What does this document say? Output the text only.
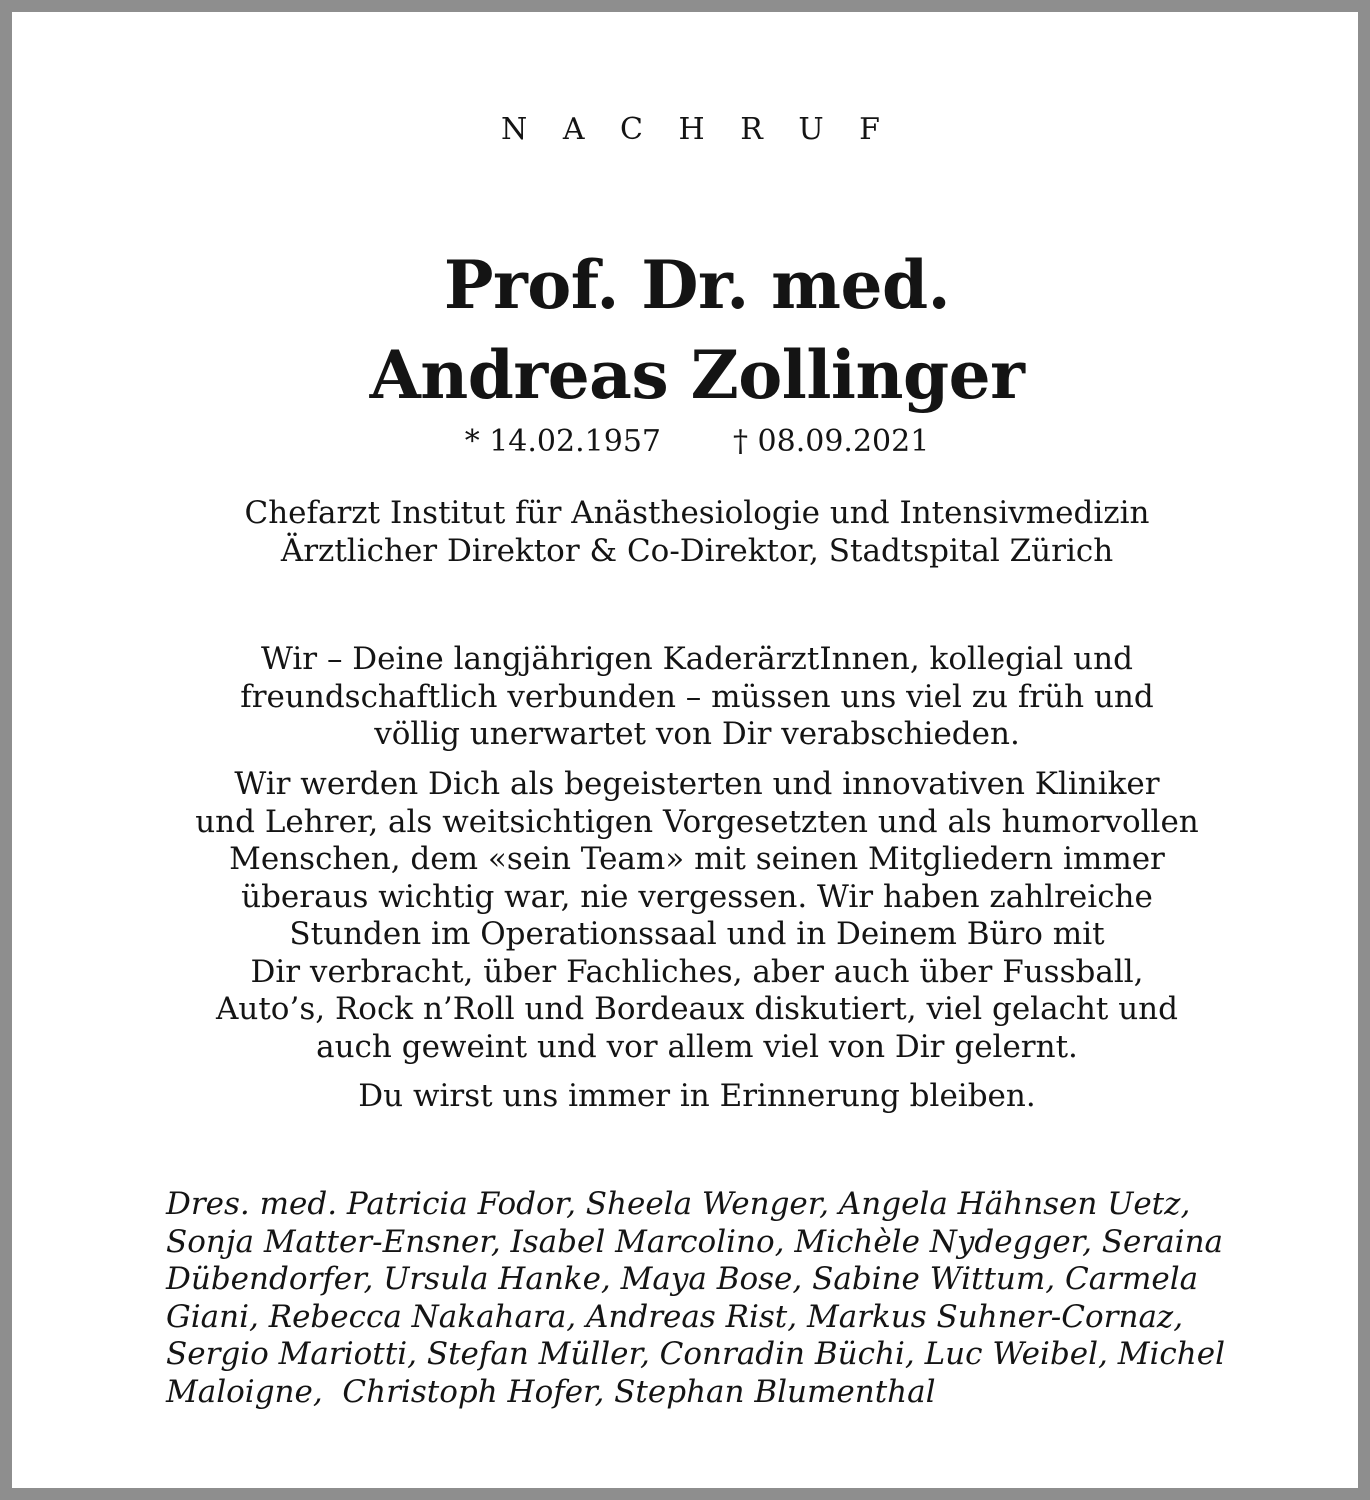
N A C H R U F
Prof. Dr. med.
Andreas Zollinger
* 14.02.1957 † 08.09.2021
Chefarzt Institut für Anästhesiologie und Intensivmedizin
Ärztlicher Direktor & Co-Direktor, Stadtspital Zürich
Wir – Deine langjährigen KaderärztInnen, kollegial und
freundschaftlich verbunden – müssen uns viel zu früh und
völlig unerwartet von Dir verabschieden.
Wir werden Dich als begeisterten und innovativen Kliniker
und Lehrer, als weitsichtigen Vorgesetzten und als humorvollen
Menschen, dem «sein Team» mit seinen Mitgliedern immer
überaus wichtig war, nie vergessen. Wir haben zahlreiche
Stunden im Operationssaal und in Deinem Büro mit
Dir verbracht, über Fachliches, aber auch über Fussball,
Auto’s, Rock n’Roll und Bordeaux diskutiert, viel gelacht und
auch geweint und vor allem viel von Dir gelernt.
Du wirst uns immer in Erinnerung bleiben.
Dres. med. Patricia Fodor, Sheela Wenger, Angela Hähnsen Uetz,
Sonja Matter-Ensner, Isabel Marcolino, Michèle Nydegger, Seraina
Dübendorfer, Ursula Hanke, Maya Bose, Sabine Wittum, Carmela
Giani, Rebecca Nakahara, Andreas Rist, Markus Suhner-Cornaz,
Sergio Mariotti, Stefan Müller, Conradin Büchi, Luc Weibel, Michel
Maloigne,  Christoph Hofer, Stephan Blumenthal
